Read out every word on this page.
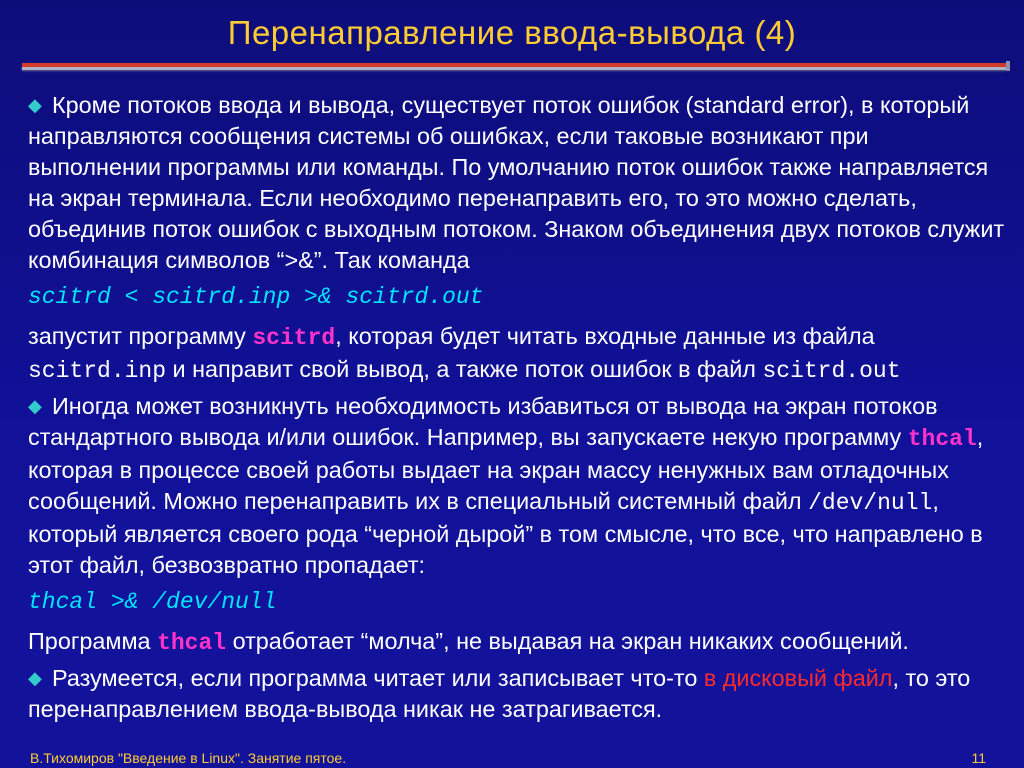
Перенаправление ввода-вывода (4)

◆ Кроме потоков ввода и вывода, существует поток ошибок (standard error), в который направляются сообщения системы об ошибках, если таковые возникают при выполнении программы или команды. По умолчанию поток ошибок также направляется на экран терминала. Если необходимо перенаправить его, то это можно сделать, объединив поток ошибок с выходным потоком. Знаком объединения двух потоков служит комбинация символов “>&”. Так команда

scitrd < scitrd.inp >& scitrd.out

запустит программу scitrd, которая будет читать входные данные из файла scitrd.inp и направит свой вывод, а также поток ошибок в файл scitrd.out

◆ Иногда может возникнуть необходимость избавиться от вывода на экран потоков стандартного вывода и/или ошибок. Например, вы запускаете некую программу thcal, которая в процессе своей работы выдает на экран массу ненужных вам отладочных сообщений. Можно перенаправить их в специальный системный файл /dev/null, который является своего рода “черной дырой” в том смысле, что все, что направлено в этот файл, безвозвратно пропадает:

thcal >& /dev/null

Программа thcal отработает “молча”, не выдавая на экран никаких сообщений.

◆ Разумеется, если программа читает или записывает что-то в дисковый файл, то это перенаправлением ввода-вывода никак не затрагивается.

В.Тихомиров "Введение в Linux". Занятие пятое.	11
